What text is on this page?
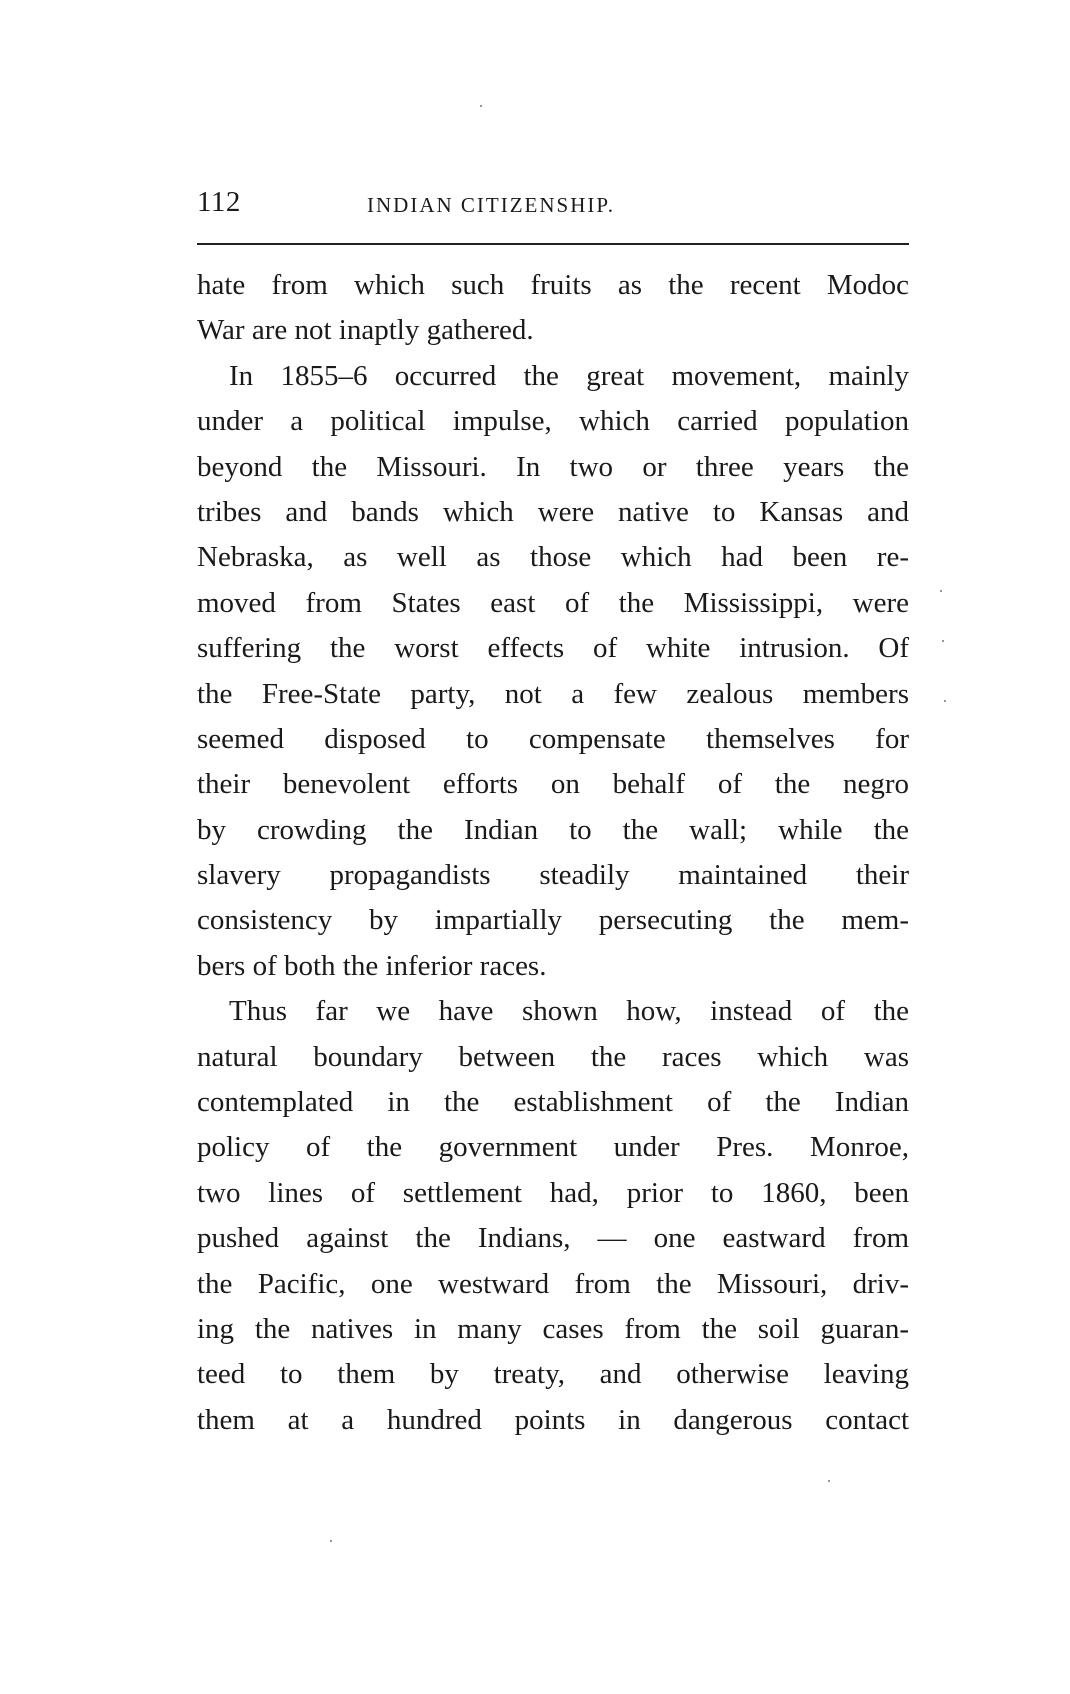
112	INDIAN CITIZENSHIP.
hate from which such fruits as the recent Modoc
War are not inaptly gathered.
In 1855–6 occurred the great movement, mainly
under a political impulse, which carried population
beyond the Missouri. In two or three years the
tribes and bands which were native to Kansas and
Nebraska, as well as those which had been re-
moved from States east of the Mississippi, were
suffering the worst effects of white intrusion. Of
the Free-State party, not a few zealous members
seemed disposed to compensate themselves for
their benevolent efforts on behalf of the negro
by crowding the Indian to the wall; while the
slavery propagandists steadily maintained their
consistency by impartially persecuting the mem-
bers of both the inferior races.
Thus far we have shown how, instead of the
natural boundary between the races which was
contemplated in the establishment of the Indian
policy of the government under Pres. Monroe,
two lines of settlement had, prior to 1860, been
pushed against the Indians, — one eastward from
the Pacific, one westward from the Missouri, driv-
ing the natives in many cases from the soil guaran-
teed to them by treaty, and otherwise leaving
them at a hundred points in dangerous contact
